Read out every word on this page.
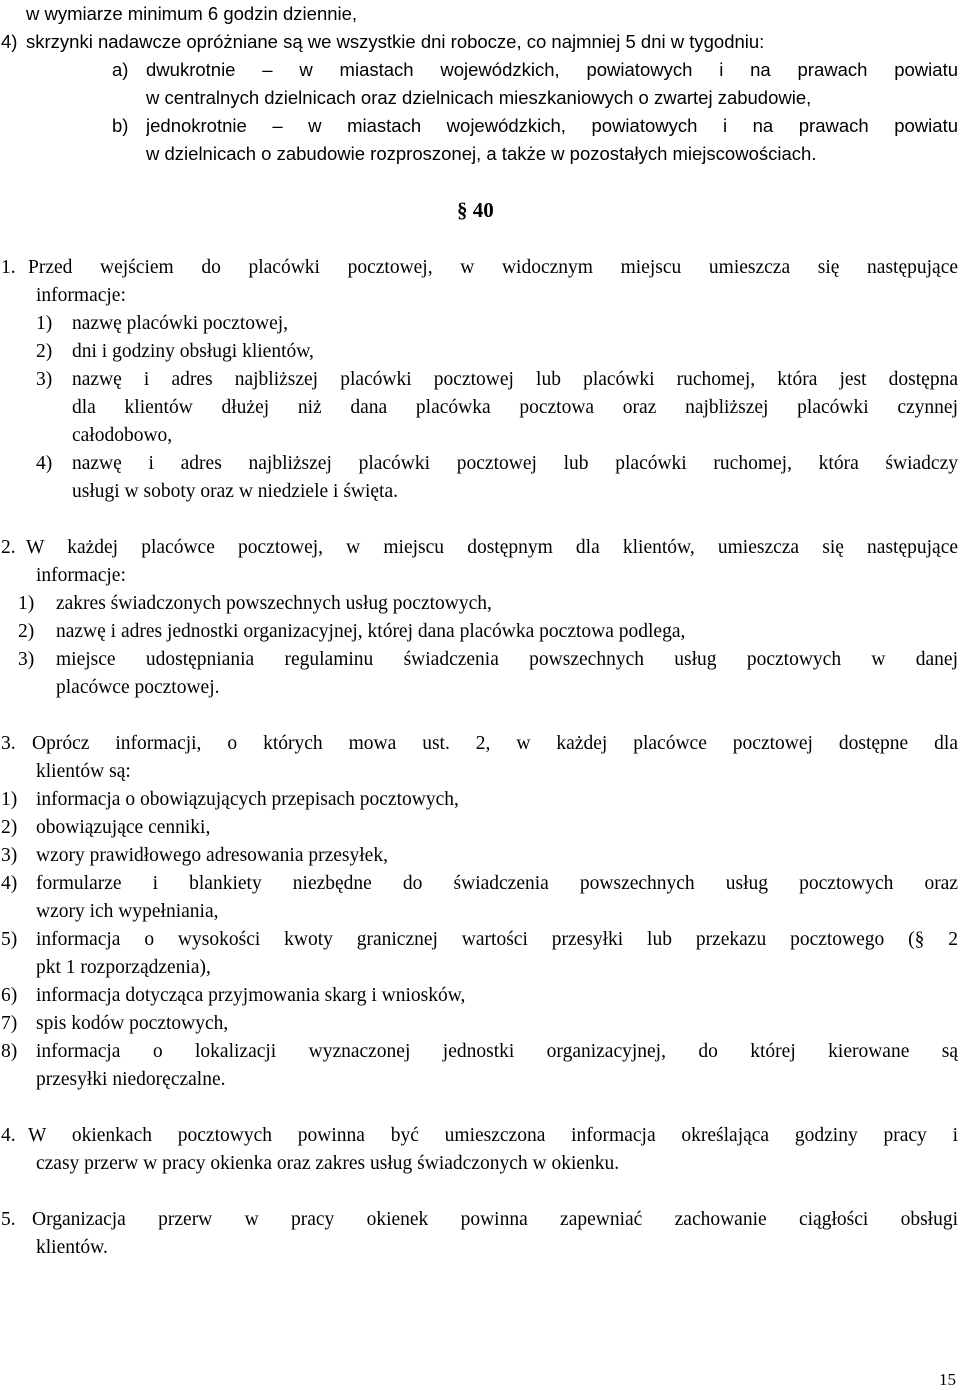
w wymiarze minimum 6 godzin dziennie,
4) skrzynki nadawcze opróżniane są we wszystkie dni robocze, co najmniej 5 dni w tygodniu:
a) dwukrotnie – w miastach wojewódzkich, powiatowych i na prawach powiatu
w centralnych dzielnicach oraz dzielnicach mieszkaniowych o zwartej zabudowie,
b) jednokrotnie – w miastach wojewódzkich, powiatowych i na prawach powiatu
w dzielnicach o zabudowie rozproszonej, a także w pozostałych miejscowościach.
§ 40
1. Przed wejściem do placówki pocztowej, w widocznym miejscu umieszcza się następujące
informacje:
1) nazwę placówki pocztowej,
2) dni i godziny obsługi klientów,
3) nazwę i adres najbliższej placówki pocztowej lub placówki ruchomej, która jest dostępna
dla klientów dłużej niż dana placówka pocztowa oraz najbliższej placówki czynnej
całodobowo,
4) nazwę i adres najbliższej placówki pocztowej lub placówki ruchomej, która świadczy
usługi w soboty oraz w niedziele i święta.
2. W każdej placówce pocztowej, w miejscu dostępnym dla klientów, umieszcza się następujące
informacje:
1) zakres świadczonych powszechnych usług pocztowych,
2) nazwę i adres jednostki organizacyjnej, której dana placówka pocztowa podlega,
3) miejsce udostępniania regulaminu świadczenia powszechnych usług pocztowych w danej
placówce pocztowej.
3. Oprócz informacji, o których mowa ust. 2, w każdej placówce pocztowej dostępne dla
klientów są:
1) informacja o obowiązujących przepisach pocztowych,
2) obowiązujące cenniki,
3) wzory prawidłowego adresowania przesyłek,
4) formularze i blankiety niezbędne do świadczenia powszechnych usług pocztowych oraz
wzory ich wypełniania,
5) informacja o wysokości kwoty granicznej wartości przesyłki lub przekazu pocztowego (§ 2
pkt 1 rozporządzenia),
6) informacja dotycząca przyjmowania skarg i wniosków,
7) spis kodów pocztowych,
8) informacja o lokalizacji wyznaczonej jednostki organizacyjnej, do której kierowane są
przesyłki niedoręczalne.
4. W okienkach pocztowych powinna być umieszczona informacja określająca godziny pracy i
czasy przerw w pracy okienka oraz zakres usług świadczonych w okienku.
5. Organizacja przerw w pracy okienek powinna zapewniać zachowanie ciągłości obsługi
klientów.
15
